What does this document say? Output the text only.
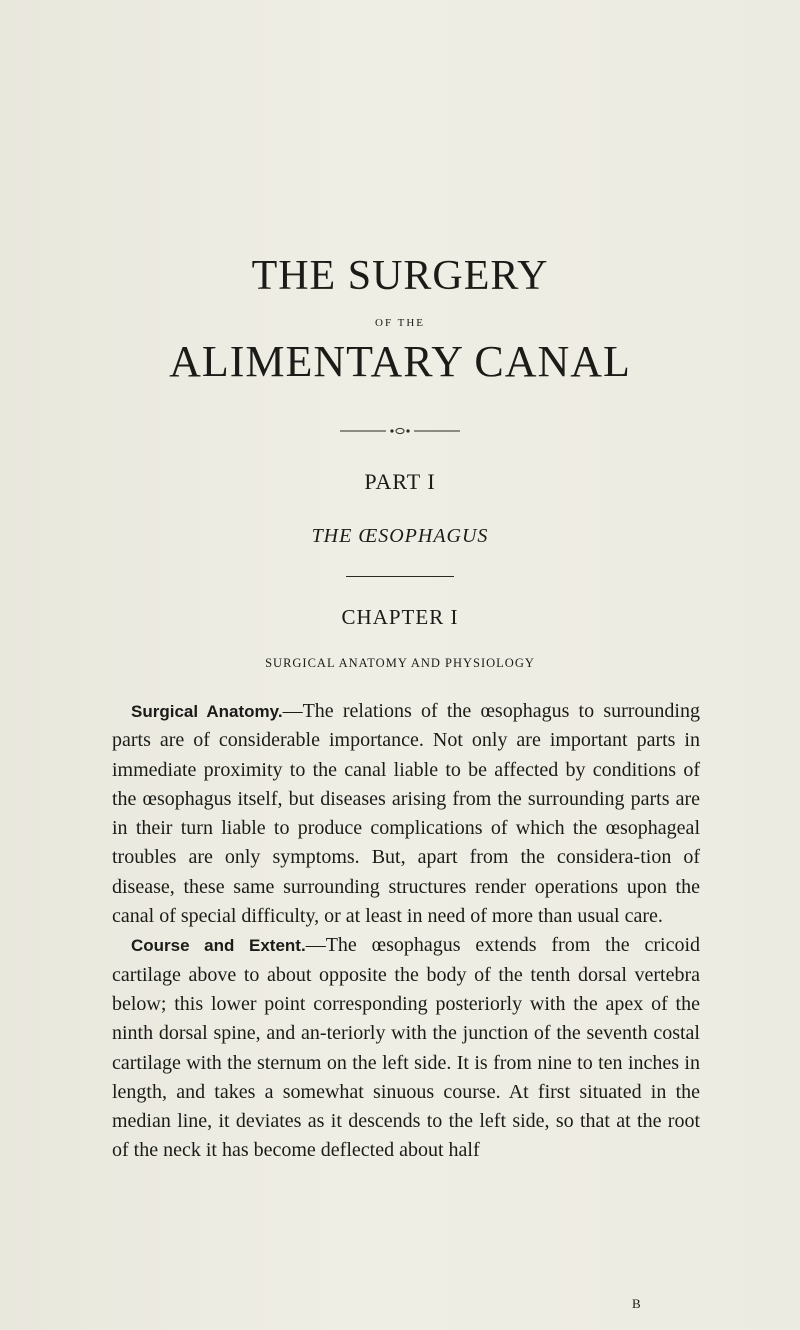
THE SURGERY
OF THE
ALIMENTARY CANAL
PART I
THE ŒSOPHAGUS
CHAPTER I
SURGICAL ANATOMY AND PHYSIOLOGY

Surgical Anatomy.—The relations of the œsophagus to surrounding parts are of considerable importance. Not only are important parts in immediate proximity to the canal liable to be affected by conditions of the œsophagus itself, but diseases arising from the surrounding parts are in their turn liable to produce complications of which the œsophageal troubles are only symptoms. But, apart from the considera-tion of disease, these same surrounding structures render operations upon the canal of special difficulty, or at least in need of more than usual care.

Course and Extent.—The œsophagus extends from the cricoid cartilage above to about opposite the body of the tenth dorsal vertebra below; this lower point corresponding posteriorly with the apex of the ninth dorsal spine, and an-teriorly with the junction of the seventh costal cartilage with the sternum on the left side. It is from nine to ten inches in length, and takes a somewhat sinuous course. At first situated in the median line, it deviates as it descends to the left side, so that at the root of the neck it has become deflected about half

B
